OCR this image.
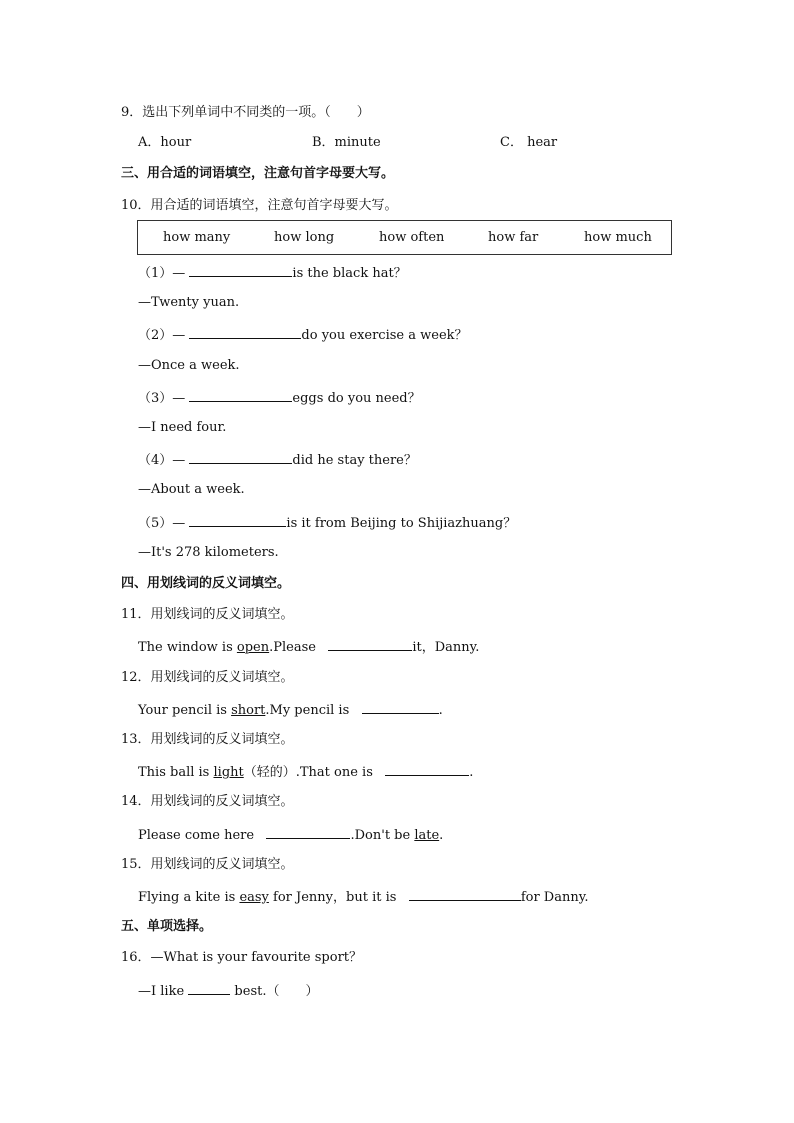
9．选出下列单词中不同类的一项。（　　）
A．hour	B．minute	C． hear
三、用合适的词语填空，注意句首字母要大写。
10．用合适的词语填空，注意句首字母要大写。
how many	how long	how often	how far	how much
（1）—	is the black hat？
—Twenty yuan.
（2）—	do you exercise a week？
—Once a week.
（3）—	eggs do you need？
—I need four.
（4）—	did he stay there？
—About a week.
（5）—	is it from Beijing to Shijiazhuang？
—It's 278 kilometers.
四、用划线词的反义词填空。
11．用划线词的反义词填空。
The window is open.Please	it，Danny.
12．用划线词的反义词填空。
Your pencil is short.My pencil is	.
13．用划线词的反义词填空。
This ball is light（轻的）.That one is	.
14．用划线词的反义词填空。
Please come here	.Don't be late.
15．用划线词的反义词填空。
Flying a kite is easy for Jenny，but it is	for Danny.
五、单项选择。
16．—What is your favourite sport？
—I like	best.（　　）
